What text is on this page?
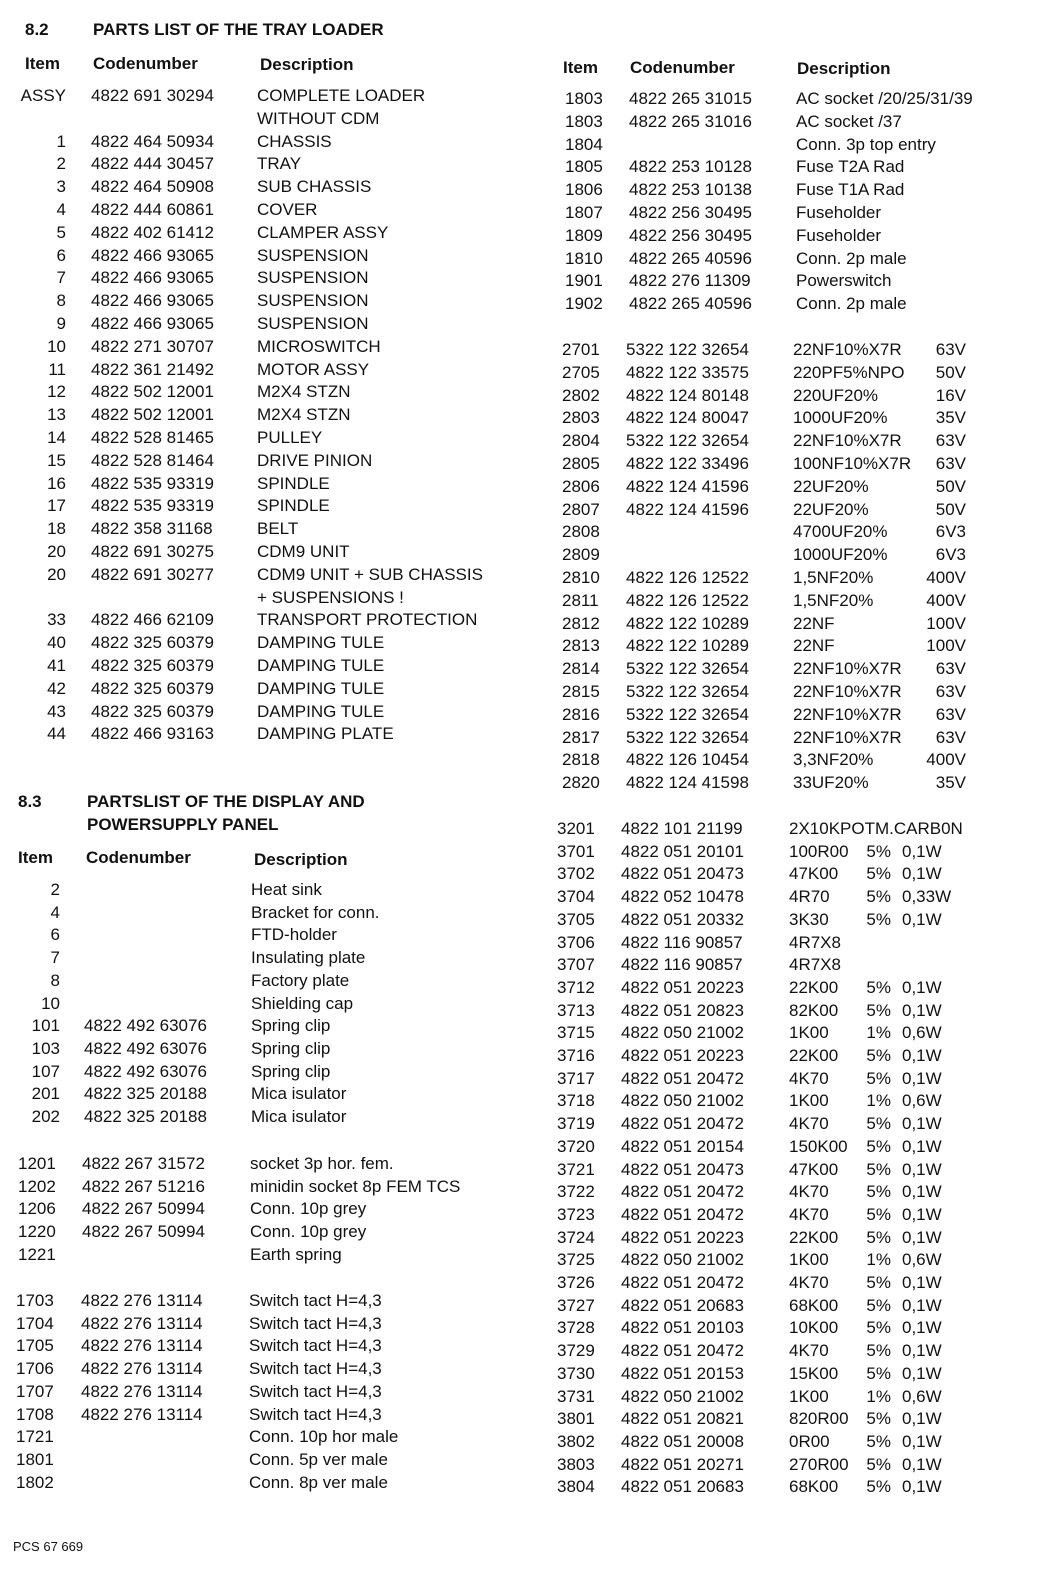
8.2	PARTS LIST OF THE TRAY LOADER
Item Codenumber	Description
ASSY 4822 691 30294	COMPLETE LOADER
WITHOUT CDM
1 4822 464 50934	CHASSIS
2 4822 444 30457	TRAY
3 4822 464 50908	SUB CHASSIS
4 4822 444 60861	COVER
5 4822 402 61412	CLAMPER ASSY
6 4822 466 93065	SUSPENSION
7 4822 466 93065	SUSPENSION
8 4822 466 93065	SUSPENSION
9 4822 466 93065	SUSPENSION
10 4822 271 30707	MICROSWITCH
11 4822 361 21492	MOTOR ASSY
12 4822 502 12001	M2X4 STZN
13 4822 502 12001	M2X4 STZN
14 4822 528 81465	PULLEY
15 4822 528 81464	DRIVE PINION
16 4822 535 93319	SPINDLE
17 4822 535 93319	SPINDLE
18 4822 358 31168	BELT
20 4822 691 30275	CDM9 UNIT
20 4822 691 30277	CDM9 UNIT + SUB CHASSIS
+ SUSPENSIONS !
33 4822 466 62109	TRANSPORT PROTECTION
40 4822 325 60379	DAMPING TULE
41 4822 325 60379	DAMPING TULE
42 4822 325 60379	DAMPING TULE
43 4822 325 60379	DAMPING TULE
44 4822 466 93163	DAMPING PLATE
8.3	PARTSLIST OF THE DISPLAY AND
POWERSUPPLY PANEL
Item Codenumber	Description
2	Heat sink
4	Bracket for conn.
6	FTD-holder
7	Insulating plate
8	Factory plate
10	Shielding cap
101 4822 492 63076	Spring clip
103 4822 492 63076	Spring clip
107 4822 492 63076	Spring clip
201 4822 325 20188	Mica isulator
202 4822 325 20188	Mica isulator
1201 4822 267 31572	socket 3p hor. fem.
1202 4822 267 51216	minidin socket 8p FEM TCS
1206 4822 267 50994	Conn. 10p grey
1220 4822 267 50994	Conn. 10p grey
1221	Earth spring
1703 4822 276 13114	Switch tact H=4,3
1704 4822 276 13114	Switch tact H=4,3
1705 4822 276 13114	Switch tact H=4,3
1706 4822 276 13114	Switch tact H=4,3
1707 4822 276 13114	Switch tact H=4,3
1708 4822 276 13114	Switch tact H=4,3
1721	Conn. 10p hor male
1801	Conn. 5p ver male
1802	Conn. 8p ver male
Item Codenumber	Description
1803 4822 265 31015	AC socket /20/25/31/39
1803 4822 265 31016	AC socket /37
1804	Conn. 3p top entry
1805 4822 253 10128	Fuse T2A Rad
1806 4822 253 10138	Fuse T1A Rad
1807 4822 256 30495	Fuseholder
1809 4822 256 30495	Fuseholder
1810 4822 265 40596	Conn. 2p male
1901 4822 276 11309	Powerswitch
1902 4822 265 40596	Conn. 2p male
2701 5322 122 32654	22NF10%X7R	63V
2705 4822 122 33575	220PF5%NPO	50V
2802 4822 124 80148	220UF20%	16V
2803 4822 124 80047	1000UF20%	35V
2804 5322 122 32654	22NF10%X7R	63V
2805 4822 122 33496	100NF10%X7R	63V
2806 4822 124 41596	22UF20%	50V
2807 4822 124 41596	22UF20%	50V
2808	4700UF20%	6V3
2809	1000UF20%	6V3
2810 4822 126 12522	1,5NF20%	400V
2811 4822 126 12522	1,5NF20%	400V
2812 4822 122 10289	22NF	100V
2813 4822 122 10289	22NF	100V
2814 5322 122 32654	22NF10%X7R	63V
2815 5322 122 32654	22NF10%X7R	63V
2816 5322 122 32654	22NF10%X7R	63V
2817 5322 122 32654	22NF10%X7R	63V
2818 4822 126 10454	3,3NF20%	400V
2820 4822 124 41598	33UF20%	35V
3201 4822 101 21199	2X10KPOTM.CARB0N
3701 4822 051 20101	100R00	5% 0,1W
3702 4822 051 20473	47K00	5% 0,1W
3704 4822 052 10478	4R70	5% 0,33W
3705 4822 051 20332	3K30	5% 0,1W
3706 4822 116 90857	4R7X8
3707 4822 116 90857	4R7X8
3712 4822 051 20223	22K00	5% 0,1W
3713 4822 051 20823	82K00	5% 0,1W
3715 4822 050 21002	1K00	1% 0,6W
3716 4822 051 20223	22K00	5% 0,1W
3717 4822 051 20472	4K70	5% 0,1W
3718 4822 050 21002	1K00	1% 0,6W
3719 4822 051 20472	4K70	5% 0,1W
3720 4822 051 20154	150K00	5% 0,1W
3721 4822 051 20473	47K00	5% 0,1W
3722 4822 051 20472	4K70	5% 0,1W
3723 4822 051 20472	4K70	5% 0,1W
3724 4822 051 20223	22K00	5% 0,1W
3725 4822 050 21002	1K00	1% 0,6W
3726 4822 051 20472	4K70	5% 0,1W
3727 4822 051 20683	68K00	5% 0,1W
3728 4822 051 20103	10K00	5% 0,1W
3729 4822 051 20472	4K70	5% 0,1W
3730 4822 051 20153	15K00	5% 0,1W
3731 4822 050 21002	1K00	1% 0,6W
3801 4822 051 20821	820R00	5% 0,1W
3802 4822 051 20008	0R00	5% 0,1W
3803 4822 051 20271	270R00	5% 0,1W
3804 4822 051 20683	68K00	5% 0,1W
PCS 67 669
